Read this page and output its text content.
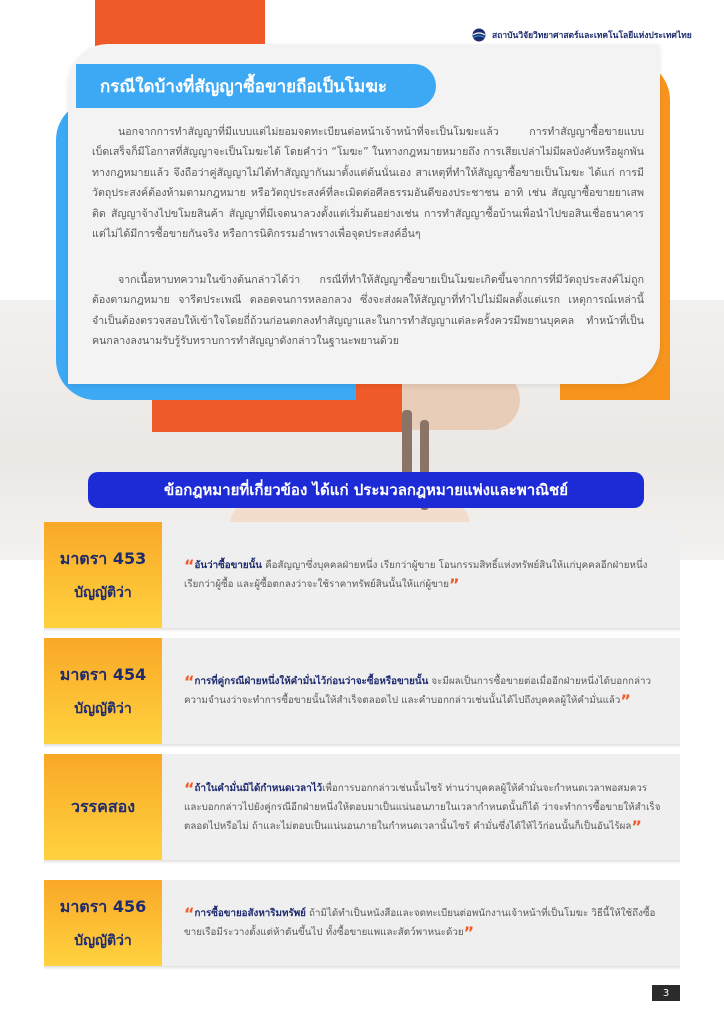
สถาบันวิจัยวิทยาศาสตร์และเทคโนโลยีแห่งประเทศไทย
กรณีใดบ้างที่สัญญาซื้อขายถือเป็นโมฆะ

นอกจากการทำสัญญาที่มีแบบแต่ไม่ยอมจดทะเบียนต่อหน้าเจ้าหน้าที่จะเป็นโมฆะแล้ว การทำสัญญาซื้อขายแบบเบ็ดเสร็จก็มีโอกาสที่สัญญาจะเป็นโมฆะได้ โดยคำว่า “โมฆะ” ในทางกฎหมายหมายถึง การเสียเปล่าไม่มีผลบังคับหรือผูกพันทางกฎหมายแล้ว จึงถือว่าคู่สัญญาไม่ได้ทำสัญญากันมาตั้งแต่ต้นนั่นเอง สาเหตุที่ทำให้สัญญาซื้อขายเป็นโมฆะ ได้แก่ การมีวัตถุประสงค์ต้องห้ามตามกฎหมาย หรือวัตถุประสงค์ที่ละเมิดต่อศีลธรรมอันดีของประชาชน อาทิ เช่น สัญญาซื้อขายยาเสพติด สัญญาจ้างไปขโมยสินค้า สัญญาที่มีเจตนาลวงตั้งแต่เริ่มต้นอย่างเช่น การทำสัญญาซื้อบ้านเพื่อนำไปขอสินเชื่อธนาคารแต่ไม่ได้มีการซื้อขายกันจริง หรือการนิติกรรมอำพรางเพื่อจุดประสงค์อื่นๆ

จากเนื้อหาบทความในข้างต้นกล่าวได้ว่า กรณีที่ทำให้สัญญาซื้อขายเป็นโมฆะเกิดขึ้นจากการที่มีวัตถุประสงค์ไม่ถูกต้องตามกฎหมาย จารีตประเพณี ตลอดจนการหลอกลวง ซึ่งจะส่งผลให้สัญญาที่ทำไปไม่มีผลตั้งแต่แรก เหตุการณ์เหล่านี้จำเป็นต้องตรวจสอบให้เข้าใจโดยถี่ถ้วนก่อนตกลงทำสัญญาและในการทำสัญญาแต่ละครั้งควรมีพยานบุคคล ทำหน้าที่เป็นคนกลางลงนามรับรู้รับทราบการทำสัญญาดังกล่าวในฐานะพยานด้วย

ข้อกฎหมายที่เกี่ยวข้อง ได้แก่ ประมวลกฎหมายแพ่งและพาณิชย์
มาตรา 453
บัญญัติว่า

“อันว่าซื้อขายนั้น คือสัญญาซึ่งบุคคลฝ่ายหนึ่ง เรียกว่าผู้ขาย โอนกรรมสิทธิ์แห่งทรัพย์สินให้แก่บุคคลอีกฝ่ายหนึ่ง เรียกว่าผู้ซื้อ และผู้ซื้อตกลงว่าจะใช้ราคาทรัพย์สินนั้นให้แก่ผู้ขาย”

มาตรา 454
บัญญัติว่า

“การที่คู่กรณีฝ่ายหนึ่งให้คำมั่นไว้ก่อนว่าจะซื้อหรือขายนั้น จะมีผลเป็นการซื้อขายต่อเมื่ออีกฝ่ายหนึ่งได้บอกกล่าวความจำนงว่าจะทำการซื้อขายนั้นให้สำเร็จตลอดไป และคำบอกกล่าวเช่นนั้นได้ไปถึงบุคคลผู้ให้คำมั่นแล้ว”

วรรคสอง

“ถ้าในคำมั่นมิได้กำหนดเวลาไว้เพื่อการบอกกล่าวเช่นนั้นไซร้ ท่านว่าบุคคลผู้ให้คำมั่นจะกำหนดเวลาพอสมควร และบอกกล่าวไปยังคู่กรณีอีกฝ่ายหนึ่งให้ตอบมาเป็นแน่นอนภายในเวลากำหนดนั้นก็ได้ ว่าจะทำการซื้อขายให้สำเร็จตลอดไปหรือไม่ ถ้าและไม่ตอบเป็นแน่นอนภายในกำหนดเวลานั้นไซร้ คำมั่นซึ่งได้ให้ไว้ก่อนนั้นก็เป็นอันไร้ผล”

มาตรา 456
บัญญัติว่า

“การซื้อขายอสังหาริมทรัพย์ ถ้ามิได้ทำเป็นหนังสือและจดทะเบียนต่อพนักงานเจ้าหน้าที่เป็นโมฆะ วิธีนี้ให้ใช้ถึงซื้อขายเรือมีระวางตั้งแต่ห้าตันขึ้นไป ทั้งซื้อขายแพและสัตว์พาหนะด้วย”

3
